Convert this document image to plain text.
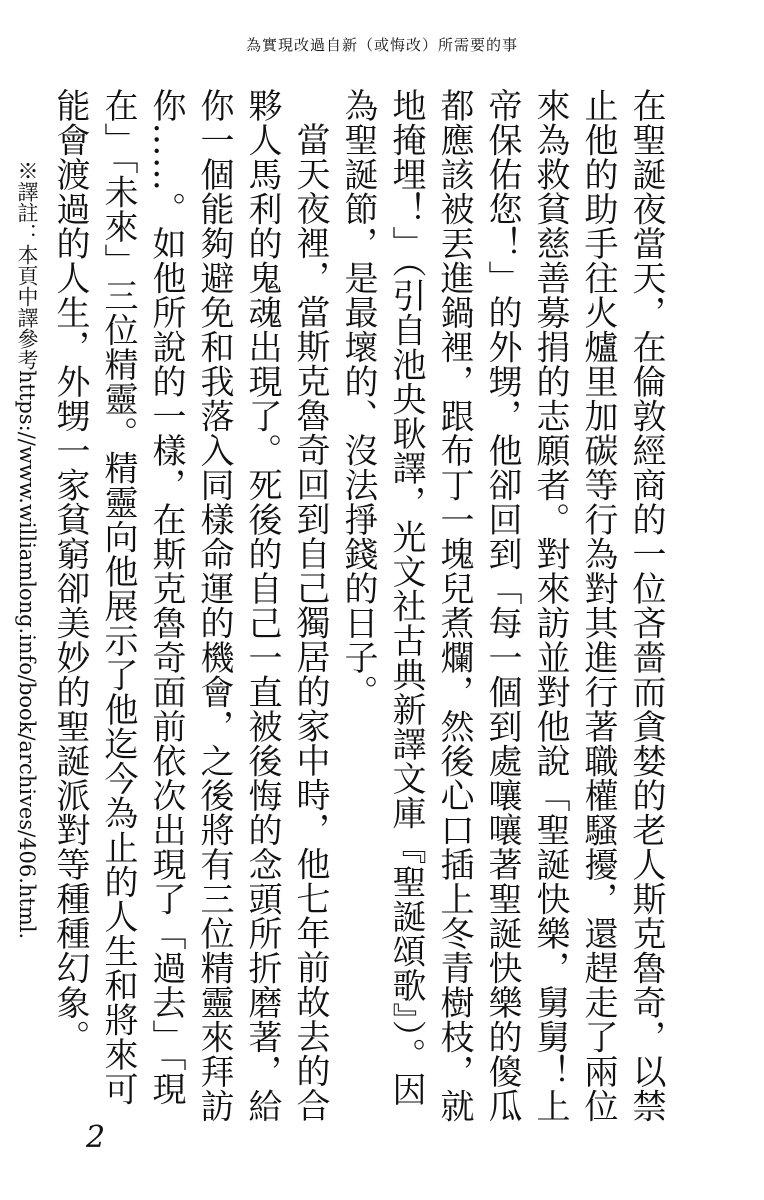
為實現改過自新（或悔改）所需要的事

在聖誕夜當天，在倫敦經商的一位吝嗇而貪婪的老人斯克魯奇，以禁止他的助手往火爐里加碳等行為對其進行著職權騷擾，還趕走了兩位來為救貧慈善募捐的志願者。對來訪並對他說「聖誕快樂，舅舅！上帝保佑您！」的外甥，他卻回到「每一個到處嚷嚷著聖誕快樂的傻瓜都應該被丟進鍋裡，跟布丁一塊兒煮爛，然後心口插上冬青樹枝，就地掩埋！」（引自池央耿譯，光文社古典新譯文庫『聖誕頌歌』）。因為聖誕節，是最壞的、沒法掙錢的日子。

當天夜裡，當斯克魯奇回到自己獨居的家中時，他七年前故去的合夥人馬利的鬼魂出現了。死後的自己一直被後悔的念頭所折磨著，給你一個能夠避免和我落入同樣命運的機會，之後將有三位精靈來拜訪你……。如他所說的一樣，在斯克魯奇面前依次出現了「過去」「現在」「未來」三位精靈。精靈向他展示了他迄今為止的人生和將來可能會渡過的人生，外甥一家貧窮卻美妙的聖誕派對等種種幻象。

※譯註：本頁中譯參考https://www.williamlong.info/book/archives/406.html.
2
